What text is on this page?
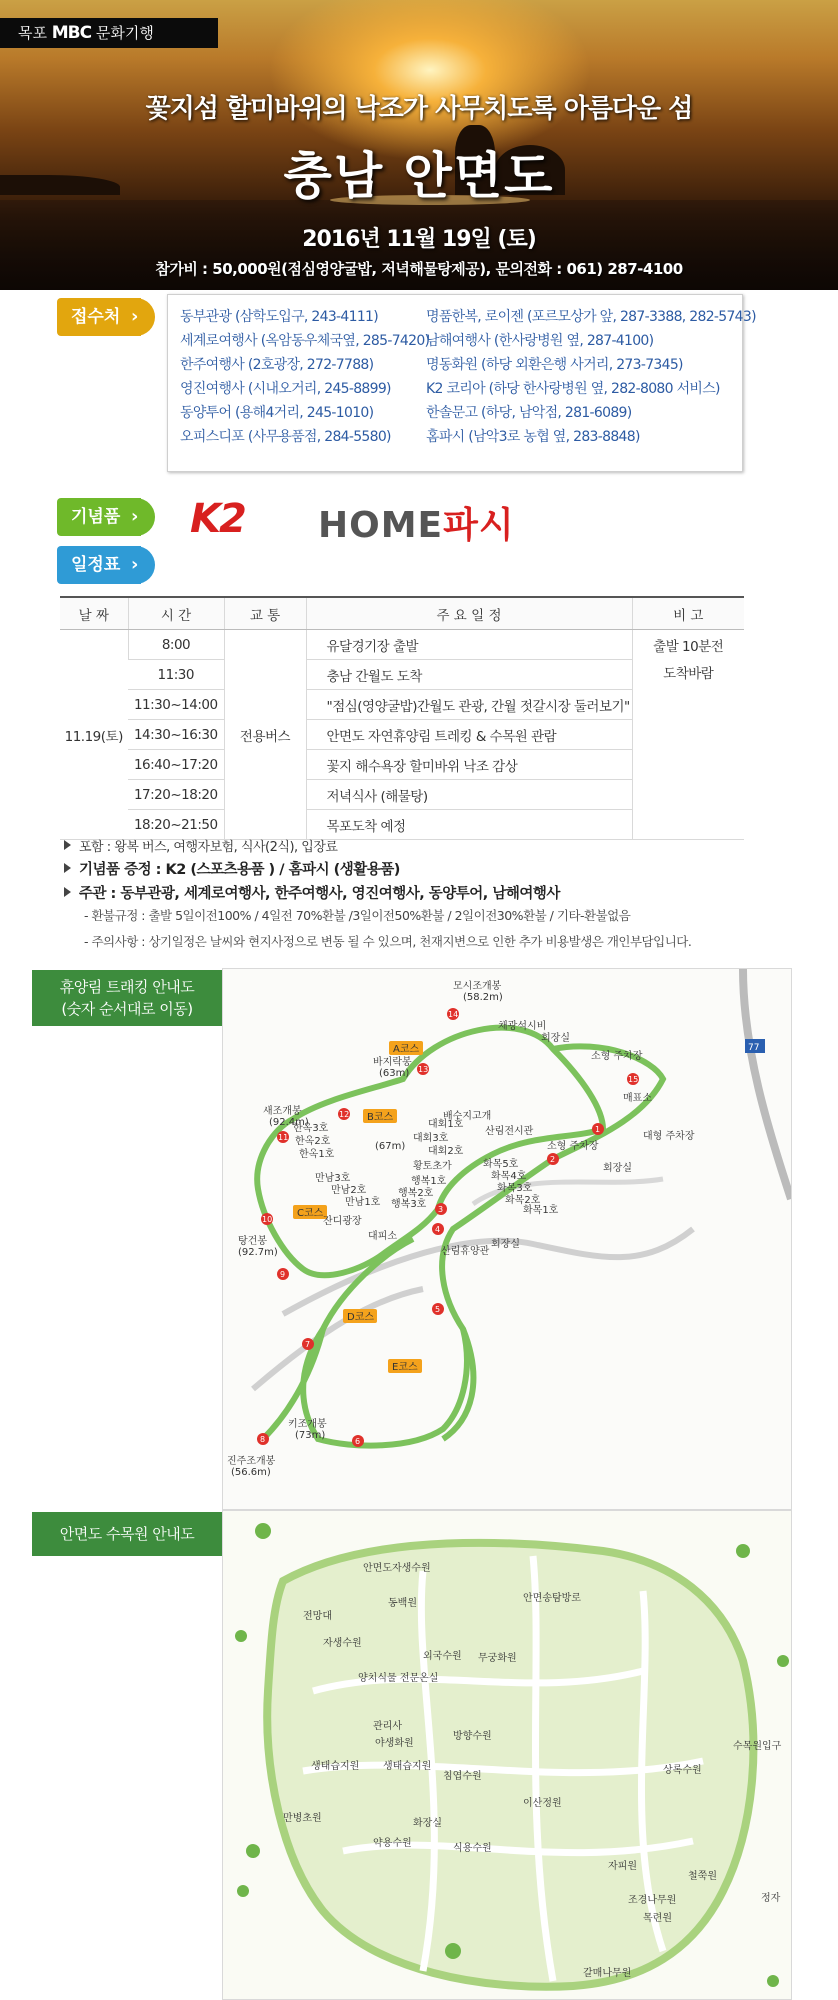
목포 MBC 문화기행
꽃지섬 할미바위의 낙조가 사무치도록 아름다운 섬
충남 안면도
2016년 11월 19일 (토)
참가비 : 50,000원(점심영양굴밥, 저녁해물탕제공), 문의전화 : 061) 287-4100
접수처 ›	동부관광 (삼학도입구, 243-4111)
세계로여행사 (옥암동우체국옆, 285-7420)
한주여행사 (2호광장, 272-7788)
영진여행사 (시내오거리, 245-8899)
동양투어 (용해4거리, 245-1010)
오피스디포 (사무용품점, 284-5580)
명품한복, 로이젠 (포르모상가 앞, 287-3388, 282-5743)
남해여행사 (한사랑병원 옆, 287-4100)
명동화원 (하당 외환은행 사거리, 273-7345)
K2 코리아 (하당 한사랑병원 옆, 282-8080 서비스)
한솔문고 (하당, 남악점, 281-6089)
홈파시 (남악3로 농협 옆, 283-8848)
기념품 › K2 HOME파시
일정표 ›
날 짜	시 간	교 통	주 요 일 정	비 고
11.19(토)	8:00	전용버스	유달경기장 출발	출발 10분전
도착바람

	11:30		충남 간월도 도착	
	11:30~14:00		"점심(영양굴밥)간월도 관광, 간월 젓갈시장 둘러보기"	
	14:30~16:30		안면도 자연휴양림 트레킹 & 수목원 관람	
	16:40~17:20		꽃지 해수욕장 할미바위 낙조 감상	
	17:20~18:20		저녁식사 (해물탕)	
	18:20~21:50		목포도착 예정	
포함 : 왕복 버스, 여행자보험, 식사(2식), 입장료
기념품 증정 : K2 (스포츠용품 ) / 홈파시 (생활용품)
주관 : 동부관광, 세계로여행사, 한주여행사, 영진여행사, 동양투어, 남해여행사
- 환불규정 : 출발 5일이전100% / 4일전 70%환불 /3일이전50%환불 / 2일이전30%환불 / 기타-환불없음
- 주의사항 : 상기일정은 날씨와 현지사정으로 변동 될 수 있으며, 천재지변으로 인한 추가 비용발생은 개인부담입니다.
휴양림 트래킹 안내도
(숫자 순서대로 이동)
A코스
B코스
C코스
D코스
E코스
1
2
3
4
5
6
7
8
9
10
11
12
13
14
15
모시조개봉
(58.2m)
새조개봉
(92.4m)
바지락봉
(63m)
(67m)
탕건봉
(92.7m)
진주조개봉
(56.6m)
키조개봉
(73m)
채광석시비
회장실
소형 주차장
매표소
대형 주차장
배수지고개
산림전시관
대회1호
대회3호
대회2호	소형 주차장
회장실
한옥3호
한옥2호
한옥1호
황토초가	화목5호
화목4호
화목3호
화목2호
화목1호
행복1호
행복2호
행복3호
만남3호
만남2호
만남1호
잔디광장
대피소
산림휴양관
회장실
77
안면도 수목원 안내도
안면도자생수원
전망대
동백원	안면송탐방로
자생수원
외국수원 무궁화원
양치식물 전문온실
관리사
야생화원
방향수원
생태습지원 생태습지원
침엽수원
상록수원
수목원입구
만병초원
이산정원
화장실
약용수원	식용수원
자피원
철쭉원
조경나무원
목련원
정자
갈매나무원
